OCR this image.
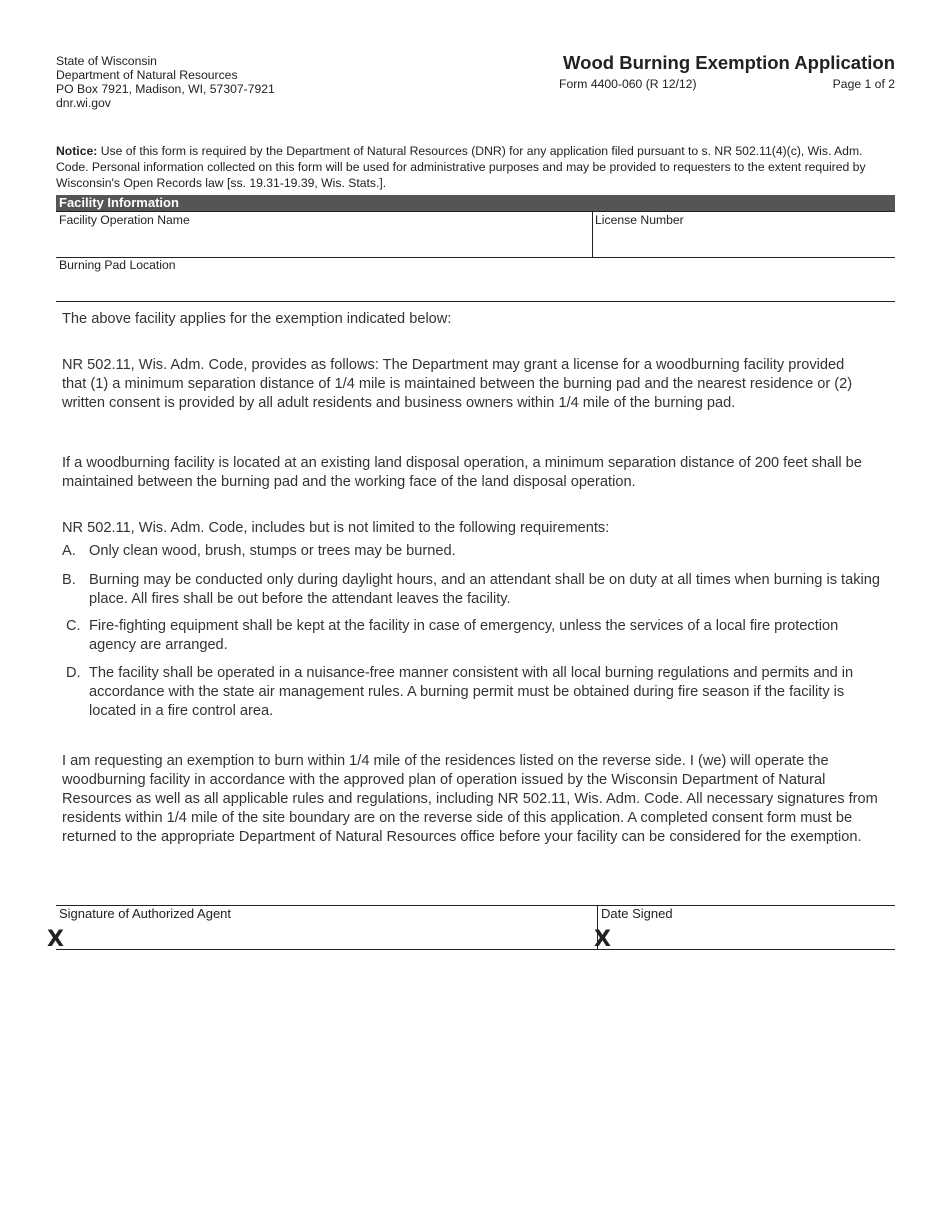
State of Wisconsin
Department of Natural Resources
PO Box 7921, Madison, WI, 57307-7921
dnr.wi.gov
Wood Burning Exemption Application
Form 4400-060 (R 12/12)	Page 1 of 2
Notice: Use of this form is required by the Department of Natural Resources (DNR) for any application filed pursuant to s. NR 502.11(4)(c), Wis. Adm. Code. Personal information collected on this form will be used for administrative purposes and may be provided to requesters to the extent required by Wisconsin's Open Records law [ss. 19.31-19.39, Wis. Stats.].
Facility Information
Facility Operation Name	License Number
Burning Pad Location
The above facility applies for the exemption indicated below:
NR 502.11, Wis. Adm. Code, provides as follows: The Department may grant a license for a woodburning facility provided that (1) a minimum separation distance of 1/4 mile is maintained between the burning pad and the nearest residence or (2) written consent is provided by all adult residents and business owners within 1/4 mile of the burning pad.
If a woodburning facility is located at an existing land disposal operation, a minimum separation distance of 200 feet shall be maintained between the burning pad and the working face of the land disposal operation.
NR 502.11, Wis. Adm. Code, includes but is not limited to the following requirements:
A. Only clean wood, brush, stumps or trees may be burned.
B. Burning may be conducted only during daylight hours, and an attendant shall be on duty at all times when burning is taking place. All fires shall be out before the attendant leaves the facility.
C. Fire-fighting equipment shall be kept at the facility in case of emergency, unless the services of a local fire protection agency are arranged.
D. The facility shall be operated in a nuisance-free manner consistent with all local burning regulations and permits and in accordance with the state air management rules. A burning permit must be obtained during fire season if the facility is located in a fire control area.
I am requesting an exemption to burn within 1/4 mile of the residences listed on the reverse side. I (we) will operate the woodburning facility in accordance with the approved plan of operation issued by the Wisconsin Department of Natural Resources as well as all applicable rules and regulations, including NR 502.11, Wis. Adm. Code. All necessary signatures from residents within 1/4 mile of the site boundary are on the reverse side of this application. A completed consent form must be returned to the appropriate Department of Natural Resources office before your facility can be considered for the exemption.
Signature of Authorized Agent	Date Signed
X	X
